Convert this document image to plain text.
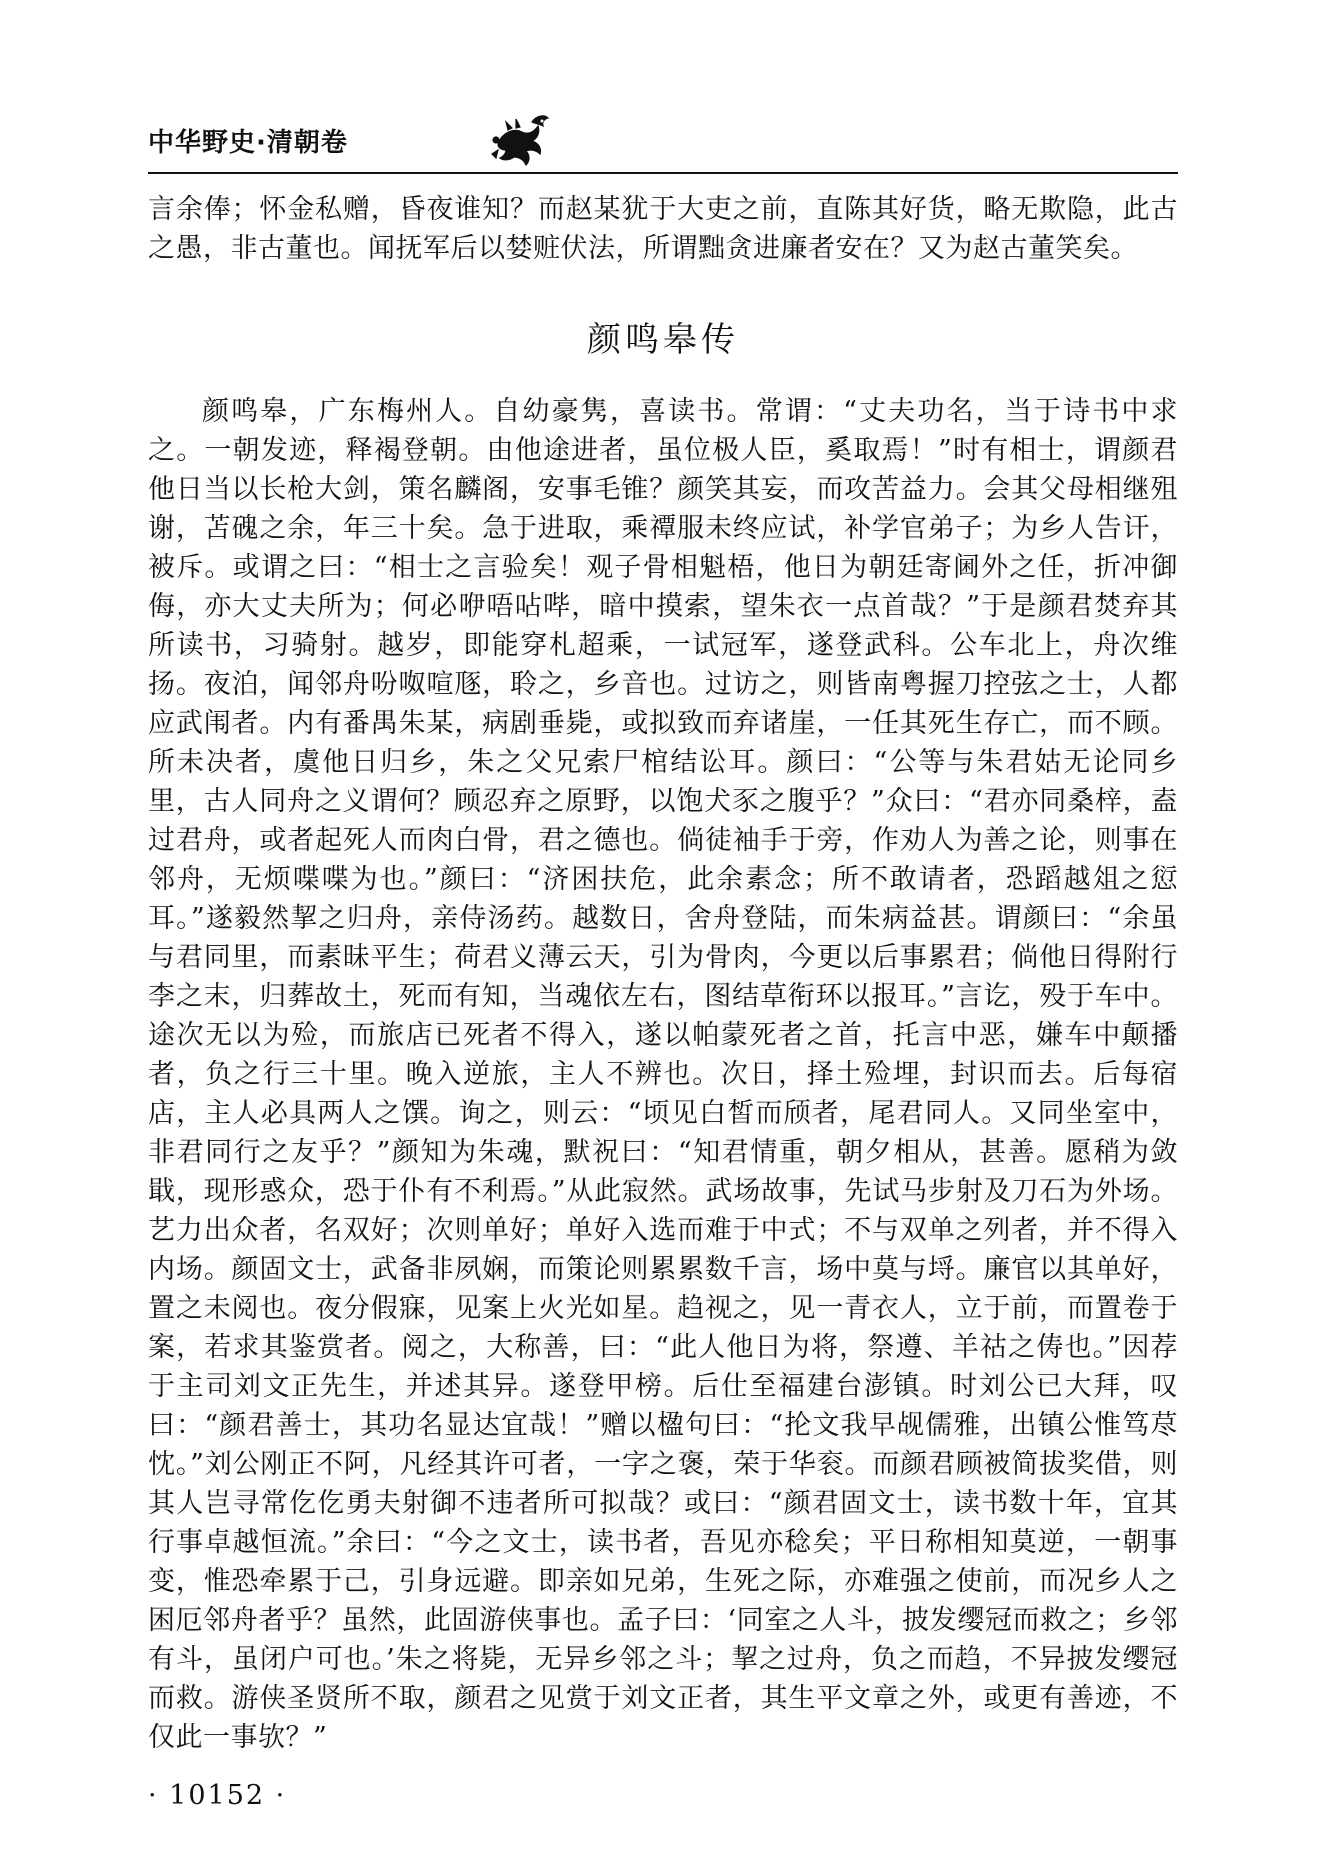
中华野史·清朝卷

言余俸；怀金私赠，昏夜谁知？而赵某犹于大吏之前，直陈其好货，略无欺隐，此古之愚，非古董也。闻抚军后以婪赃伏法，所谓黜贪进廉者安在？又为赵古董笑矣。

颜鸣皋传

颜鸣皋，广东梅州人。自幼豪隽，喜读书。常谓：“丈夫功名，当于诗书中求之。一朝发迹，释褐登朝。由他途进者，虽位极人臣，奚取焉！”时有相士，谓颜君他日当以长枪大剑，策名麟阁，安事毛锥？颜笑其妄，而攻苦益力。会其父母相继殂谢，苫磈之余，年三十矣。急于进取，乘禫服未终应试，补学官弟子；为乡人告讦，被斥。或谓之曰：“相士之言验矣！观子骨相魁梧，他日为朝廷寄阃外之任，折冲御侮，亦大丈夫所为；何必咿唔呫哔，暗中摸索，望朱衣一点首哉？”于是颜君焚弃其所读书，习骑射。越岁，即能穿札超乘，一试冠军，遂登武科。公车北上，舟次维扬。夜泊，闻邻舟吩呶喧豗，聆之，乡音也。过访之，则皆南粤握刀控弦之士，人都应武闱者。内有番禺朱某，病剧垂毙，或拟致而弃诸崖，一任其死生存亡，而不顾。所未决者，虞他日归乡，朱之父兄索尸棺结讼耳。颜曰：“公等与朱君姑无论同乡里，古人同舟之义谓何？顾忍弃之原野，以饱犬豕之腹乎？”众曰：“君亦同桑梓，盍过君舟，或者起死人而肉白骨，君之德也。倘徒袖手于旁，作劝人为善之论，则事在邻舟，无烦喋喋为也。”颜曰：“济困扶危，此余素念；所不敢请者，恐蹈越俎之愆耳。”遂毅然挈之归舟，亲侍汤药。越数日，舍舟登陆，而朱病益甚。谓颜曰：“余虽与君同里，而素昧平生；荷君义薄云天，引为骨肉，今更以后事累君；倘他日得附行李之末，归葬故土，死而有知，当魂依左右，图结草衔环以报耳。”言讫，殁于车中。途次无以为殓，而旅店已死者不得入，遂以帕蒙死者之首，托言中恶，嫌车中颠播者，负之行三十里。晚入逆旅，主人不辨也。次日，择土殓埋，封识而去。后每宿店，主人必具两人之馔。询之，则云：“顷见白皙而颀者，尾君同人。又同坐室中，非君同行之友乎？”颜知为朱魂，默祝曰：“知君情重，朝夕相从，甚善。愿稍为敛戢，现形惑众，恐于仆有不利焉。”从此寂然。武场故事，先试马步射及刀石为外场。艺力出众者，名双好；次则单好；单好入选而难于中式；不与双单之列者，并不得入内场。颜固文士，武备非夙娴，而策论则累累数千言，场中莫与埒。廉官以其单好，置之未阅也。夜分假寐，见案上火光如星。趋视之，见一青衣人，立于前，而置卷于案，若求其鉴赏者。阅之，大称善，曰：“此人他日为将，祭遵、羊祜之俦也。”因荐于主司刘文正先生，并述其异。遂登甲榜。后仕至福建台澎镇。时刘公已大拜，叹曰：“颜君善士，其功名显达宜哉！”赠以楹句曰：“抡文我早觇儒雅，出镇公惟笃荩忱。”刘公刚正不阿，凡经其许可者，一字之褒，荣于华衮。而颜君顾被简拔奖借，则其人岂寻常仡仡勇夫射御不违者所可拟哉？或曰：“颜君固文士，读书数十年，宜其行事卓越恒流。”余曰：“今之文士，读书者，吾见亦稔矣；平日称相知莫逆，一朝事变，惟恐牵累于己，引身远避。即亲如兄弟，生死之际，亦难强之使前，而况乡人之困厄邻舟者乎？虽然，此固游侠事也。孟子曰：‘同室之人斗，披发缨冠而救之；乡邻有斗，虽闭户可也。’朱之将毙，无异乡邻之斗；挈之过舟，负之而趋，不异披发缨冠而救。游侠圣贤所不取，颜君之见赏于刘文正者，其生平文章之外，或更有善迹，不仅此一事欤？”

· 10152 ·
